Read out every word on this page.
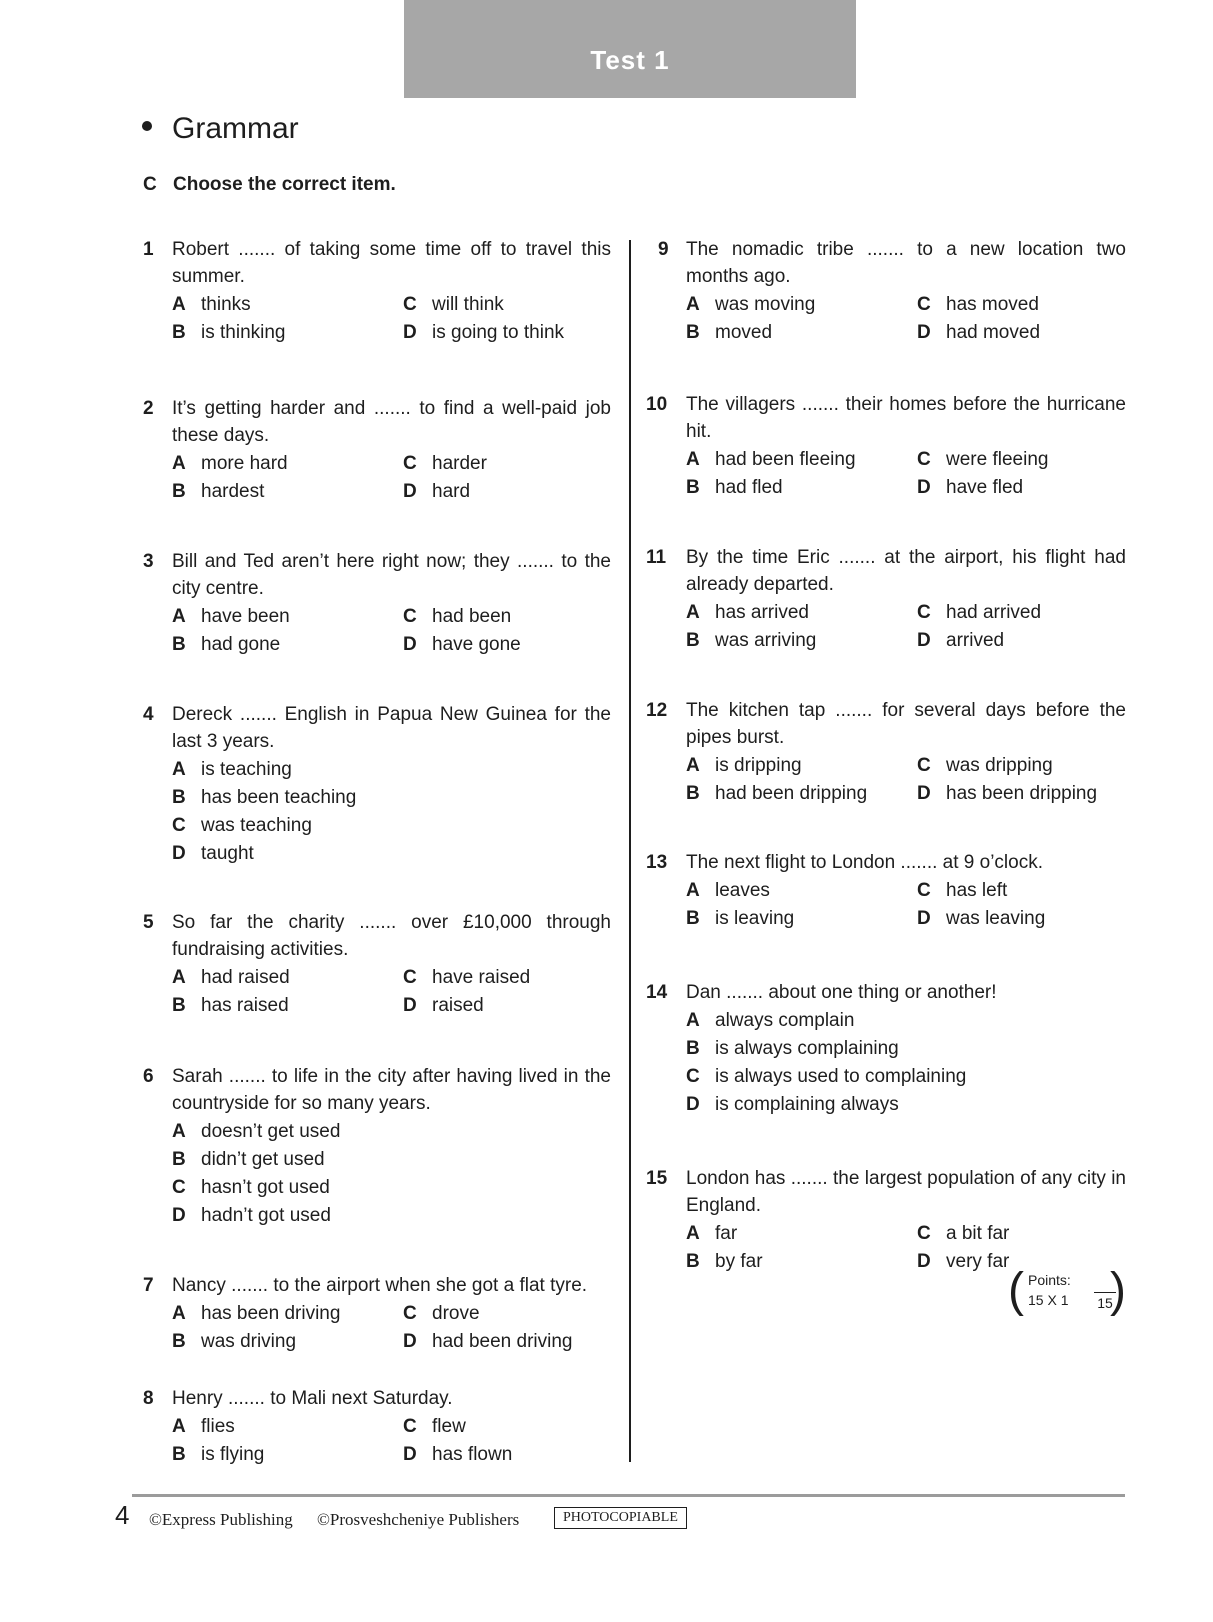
Test 1
Grammar
C Choose the correct item.
1 Robert ....... of taking some time off to travel this summer.
A thinks	C will think
B is thinking	D is going to think
2 It’s getting harder and ....... to find a well-paid job these days.
A more hard	C harder
B hardest	D hard
3 Bill and Ted aren’t here right now; they ....... to the city centre.
A have been	C had been
B had gone	D have gone
4 Dereck ....... English in Papua New Guinea for the last 3 years.
A is teaching
B has been teaching
C was teaching
D taught
5 So far the charity ....... over £10,000 through fundraising activities.
A had raised	C have raised
B has raised	D raised
6 Sarah ....... to life in the city after having lived in the countryside for so many years.
A doesn’t get used
B didn’t get used
C hasn’t got used
D hadn’t got used
7 Nancy ....... to the airport when she got a flat tyre.
A has been driving	C drove
B was driving	D had been driving
8 Henry ....... to Mali next Saturday.
A flies	C flew
B is flying	D has flown
9 The nomadic tribe ....... to a new location two months ago.
A was moving	C has moved
B moved	D had moved
10 The villagers ....... their homes before the hurricane hit.
A had been fleeing	C were fleeing
B had fled	D have fled
11 By the time Eric ....... at the airport, his flight had already departed.
A has arrived	C had arrived
B was arriving	D arrived
12 The kitchen tap ....... for several days before the pipes burst.
A is dripping	C was dripping
B had been dripping	D has been dripping
13 The next flight to London ....... at 9 o’clock.
A leaves	C has left
B is leaving	D was leaving
14 Dan ....... about one thing or another!
A always complain
B is always complaining
C is always used to complaining
D is complaining always
15 London has ....... the largest population of any city in England.
A far	C a bit far
B by far	D very far
( Points:
15 X 1 15
)
4 ©Express Publishing ©Prosveshcheniye Publishers	PHOTOCOPIABLE
